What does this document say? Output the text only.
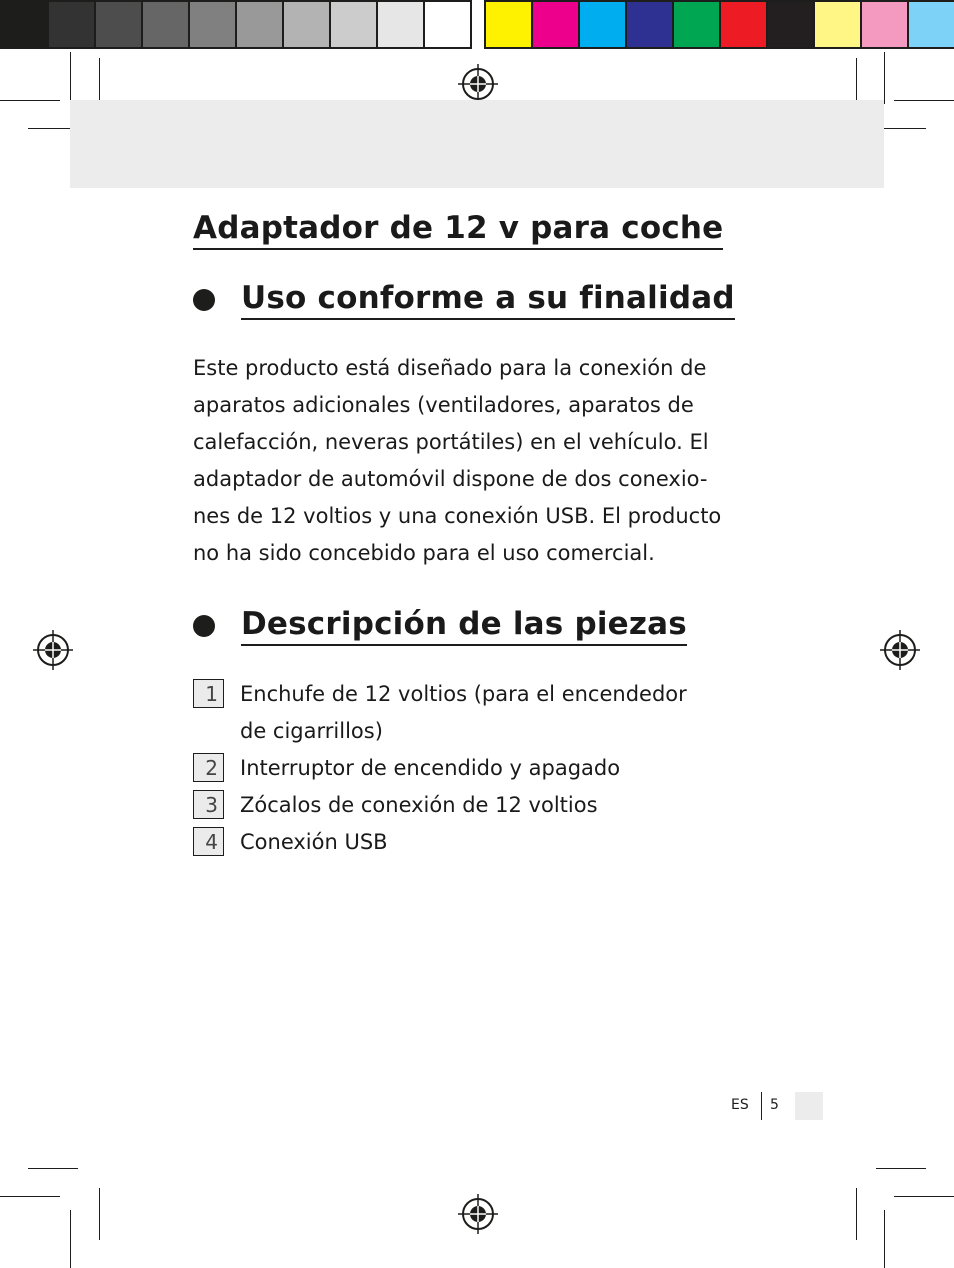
Adaptador de 12 v para coche
Uso conforme a su finalidad
Este producto está diseñado para la conexión de
aparatos adicionales (ventiladores, aparatos de
calefacción, neveras portátiles) en el vehículo. El
adaptador de automóvil dispone de dos conexio-
nes de 12 voltios y una conexión USB. El producto
no ha sido concebido para el uso comercial.
Descripción de las piezas
1 Enchufe de 12 voltios (para el encendedor
de cigarrillos)
2 Interruptor de encendido y apagado
3 Zócalos de conexión de 12 voltios
4 Conexión USB
ES 5
